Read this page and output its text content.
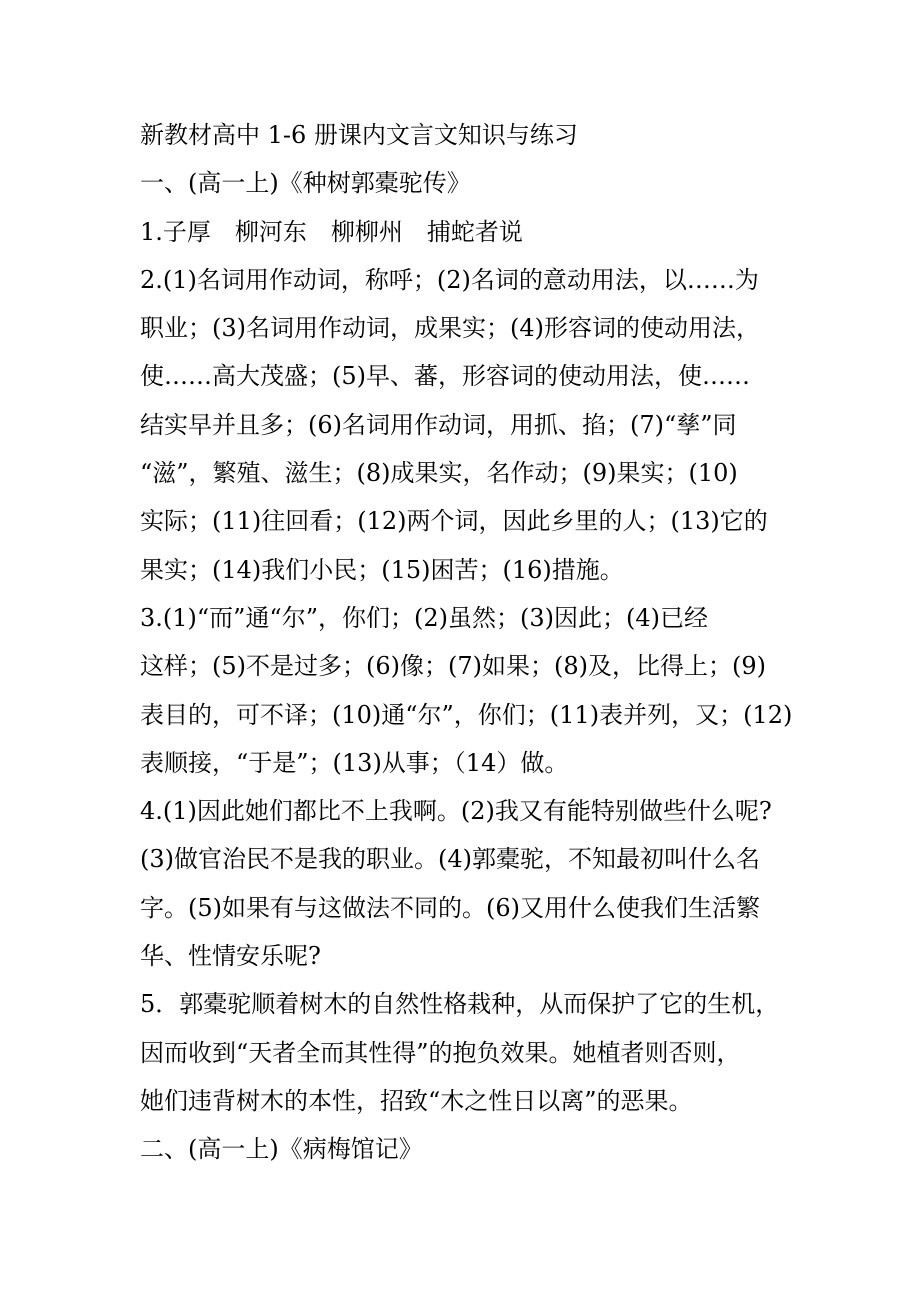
新教材高中 1-6 册课内文言文知识与练习
一、(高一上)《种树郭橐驼传》
1.子厚　柳河东　柳柳州　捕蛇者说
2.(1)名词用作动词，称呼；(2)名词的意动用法，以……为
职业；(3)名词用作动词，成果实；(4)形容词的使动用法，
使……高大茂盛；(5)早、蕃，形容词的使动用法，使……
结实早并且多；(6)名词用作动词，用抓、掐；(7)“孳”同
“滋”，繁殖、滋生；(8)成果实，名作动；(9)果实；(10)
实际；(11)往回看；(12)两个词，因此乡里的人；(13)它的
果实；(14)我们小民；(15)困苦；(16)措施。
3.(1)“而”通“尔”，你们；(2)虽然；(3)因此；(4)已经
这样；(5)不是过多；(6)像；(7)如果；(8)及，比得上；(9)
表目的，可不译；(10)通“尔”，你们；(11)表并列，又；(12)
表顺接，“于是”；(13)从事；（14）做。
4.(1)因此她们都比不上我啊。(2)我又有能特别做些什么呢?
(3)做官治民不是我的职业。(4)郭橐驼，不知最初叫什么名
字。(5)如果有与这做法不同的。(6)又用什么使我们生活繁
华、性情安乐呢?
5．郭橐驼顺着树木的自然性格栽种，从而保护了它的生机，
因而收到“天者全而其性得”的抱负效果。她植者则否则，
她们违背树木的本性，招致“木之性日以离”的恶果。
二、(高一上)《病梅馆记》
